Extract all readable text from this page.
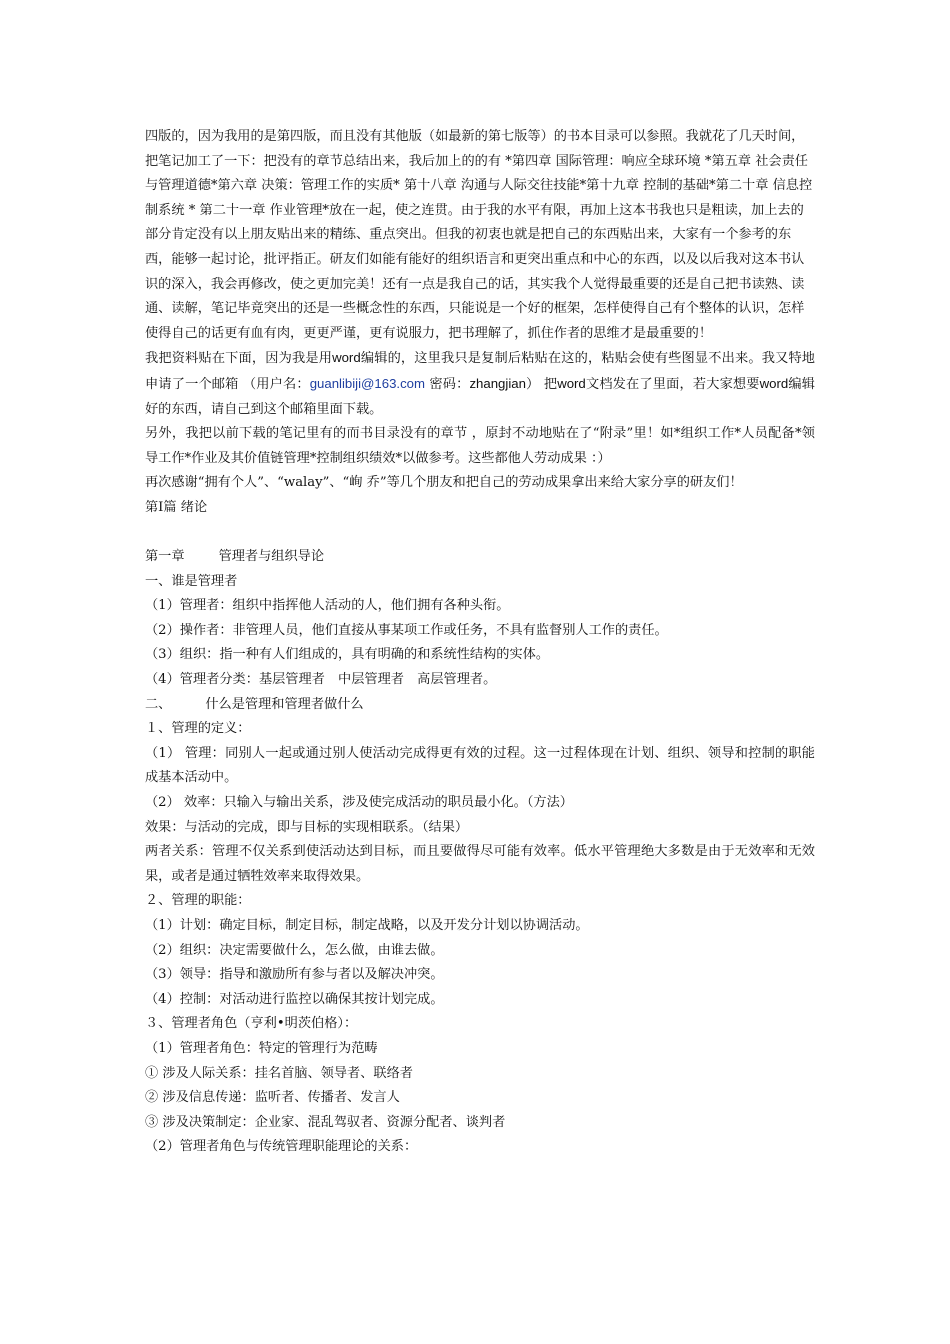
四版的，因为我用的是第四版，而且没有其他版（如最新的第七版等）的书本目录可以参照。我就花了几天时间，把笔记加工了一下：把没有的章节总结出来，我后加上的的有 *第四章 国际管理：响应全球环境 *第五章 社会责任与管理道德*第六章 决策：管理工作的实质* 第十八章 沟通与人际交往技能*第十九章 控制的基础*第二十章 信息控制系统 * 第二十一章 作业管理*放在一起，使之连贯。由于我的水平有限，再加上这本书我也只是粗读，加上去的部分肯定没有以上朋友贴出来的精练、重点突出。但我的初衷也就是把自己的东西贴出来，大家有一个参考的东西，能够一起讨论，批评指正。研友们如能有能好的组织语言和更突出重点和中心的东西，以及以后我对这本书认识的深入，我会再修改，使之更加完美！还有一点是我自己的话，其实我个人觉得最重要的还是自己把书读熟、读通、读解，笔记毕竟突出的还是一些概念性的东西，只能说是一个好的框架，怎样使得自己有个整体的认识，怎样使得自己的话更有血有肉，更更严谨，更有说服力，把书理解了，抓住作者的思维才是最重要的！

我把资料贴在下面，因为我是用word编辑的，这里我只是复制后粘贴在这的，粘贴会使有些图显不出来。我又特地申请了一个邮箱 （用户名：guanlibiji@163.com 密码：zhangjian） 把word文档发在了里面，若大家想要word编辑好的东西，请自己到这个邮箱里面下载。

另外，我把以前下载的笔记里有的而书目录没有的章节 ，原封不动地贴在了“附录”里！如*组织工作*人员配备*领导工作*作业及其价值链管理*控制组织绩效*以做参考。这些都他人劳动成果 ：）

再次感谢“拥有个人”、“walay”、“峋 乔”等几个朋友和把自己的劳动成果拿出来给大家分享的研友们！

第Ⅰ篇 绪论
第一章	管理者与组织导论
一、谁是管理者
（1）管理者：组织中指挥他人活动的人，他们拥有各种头衔。
（2）操作者：非管理人员，他们直接从事某项工作或任务，不具有监督别人工作的责任。
（3）组织：指一种有人们组成的，具有明确的和系统性结构的实体。
（4）管理者分类：基层管理者　中层管理者　高层管理者。
二、	什么是管理和管理者做什么
１、管理的定义：
（1） 管理：同别人一起或通过别人使活动完成得更有效的过程。这一过程体现在计划、组织、领导和控制的职能成基本活动中。
（2） 效率：只输入与输出关系，涉及使完成活动的职员最小化。（方法）
效果：与活动的完成，即与目标的实现相联系。（结果）
两者关系：管理不仅关系到使活动达到目标，而且要做得尽可能有效率。低水平管理绝大多数是由于无效率和无效果，或者是通过牺牲效率来取得效果。
２、管理的职能：
（1）计划：确定目标，制定目标，制定战略，以及开发分计划以协调活动。
（2）组织：决定需要做什么，怎么做，由谁去做。
（3）领导：指导和激励所有参与者以及解决冲突。
（4）控制：对活动进行监控以确保其按计划完成。
３、管理者角色（亨利•明茨伯格）：
（1）管理者角色：特定的管理行为范畴
① 涉及人际关系：挂名首脑、领导者、联络者
② 涉及信息传递：监听者、传播者、发言人
③ 涉及决策制定：企业家、混乱驾驭者、资源分配者、谈判者
（2）管理者角色与传统管理职能理论的关系：
